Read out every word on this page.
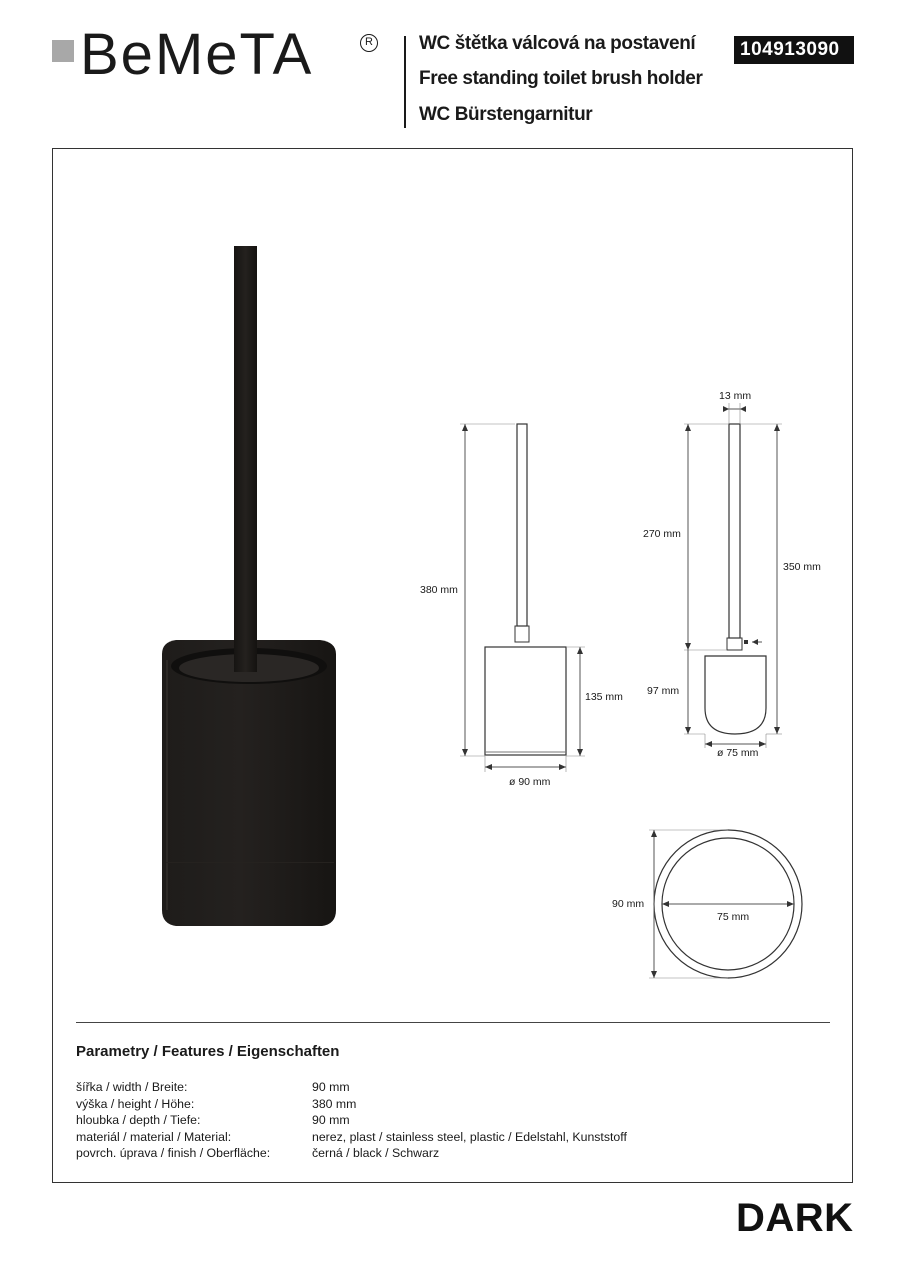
BeMeTA	R WC štětka válcová na postavení
Free standing toilet brush holder
WC Bürstengarnitur
104913090
380 mm
135 mm
ø 90 mm
13 mm
270 mm
350 mm
97 mm
ø 75 mm
90 mm
75 mm
Parametry / Features / Eigenschaften
šířka / width / Breite:	90 mm
výška / height / Höhe:	380 mm
hloubka / depth / Tiefe:	90 mm
materiál / material / Material:	nerez, plast / stainless steel, plastic / Edelstahl, Kunststoff
povrch. úprava / finish / Oberfläche:	černá / black / Schwarz
DARK
